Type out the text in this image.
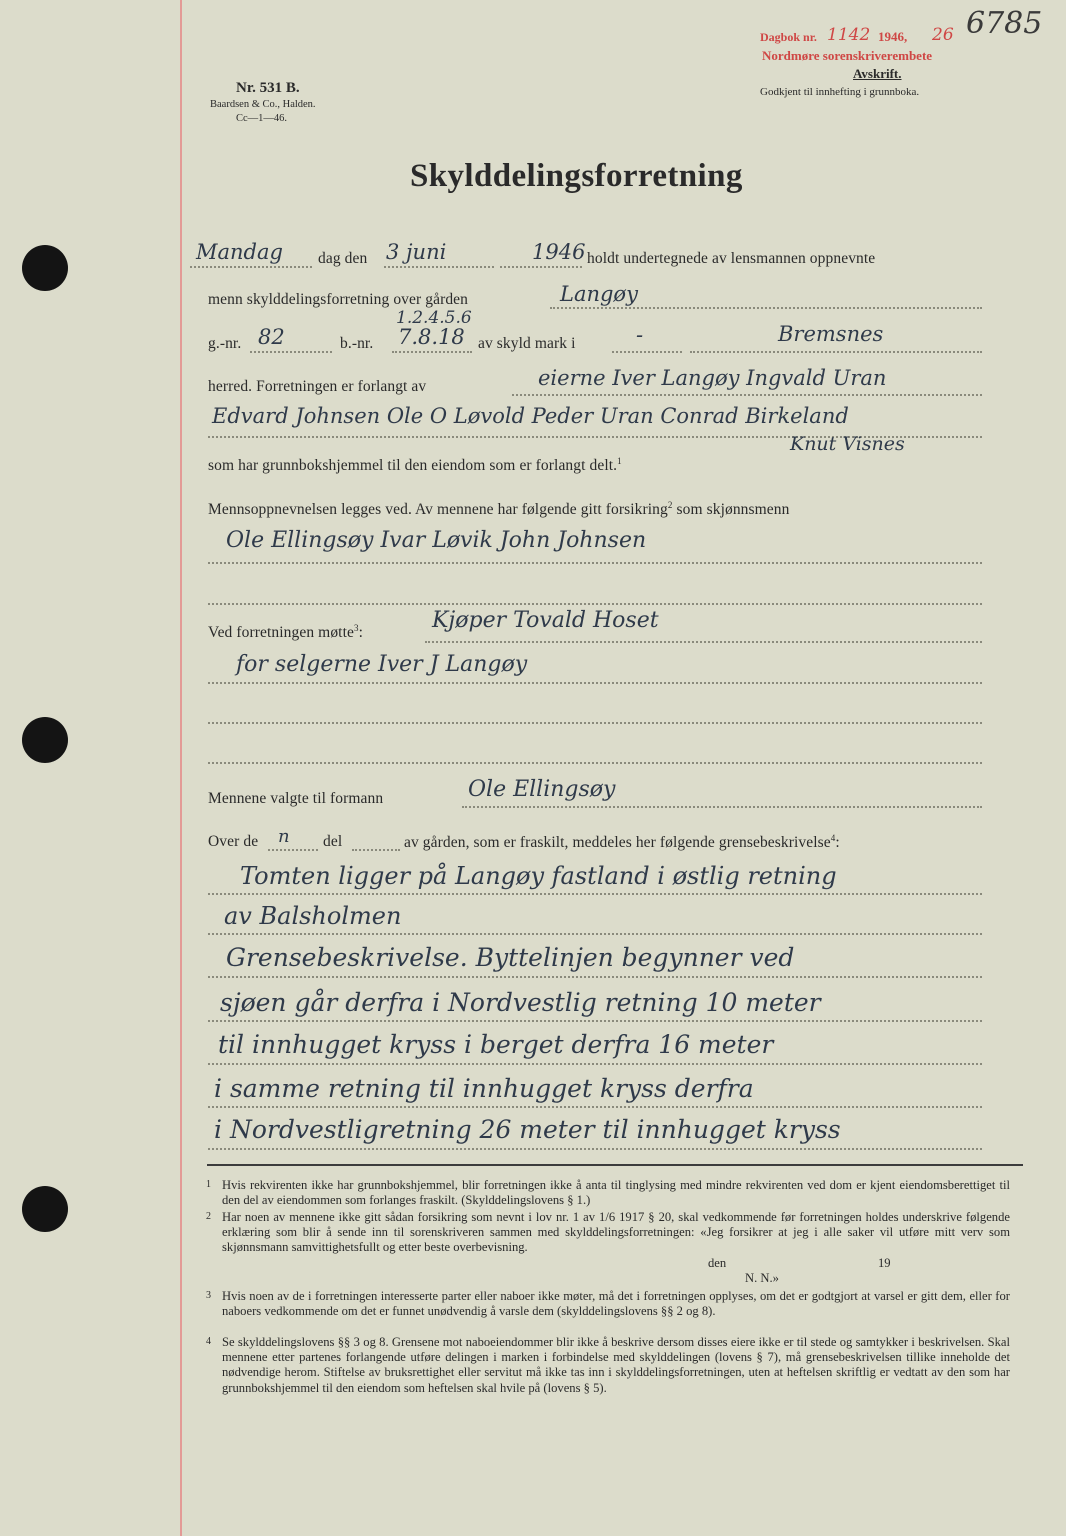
Nr. 531 B.
Baardsen & Co., Halden.
Cc—1—46.
Dagbok nr. 1142 1946, 26
Nordmøre sorenskriverembete
6785
Avskrift.
Godkjent til innhefting i grunnboka.
Skylddelingsforretning
Mandag dag den 3 juni	1946 holdt undertegnede av lensmannen oppnevnte
menn skylddelingsforretning over gården	Langøy
g.-nr. 82	b.-nr.
1.2.4.5.6
7.8.18 av skyld mark i	-	Bremsnes
herred. Forretningen er forlangt av	eierne Iver Langøy Ingvald Uran
Edvard Johnsen Ole O Løvold Peder Uran Conrad Birkeland
Knut Visnes
som har grunnbokshjemmel til den eiendom som er forlangt delt.$^1$
Mennsoppnevnelsen legges ved. Av mennene har følgende gitt forsikring$^2$ som skjønnsmenn
Ole Ellingsøy Ivar Løvik John Johnsen
Ved forretningen møtte$^3$:	Kjøper Tovald Hoset
for selgerne Iver J Langøy
Mennene valgte til formann	Ole Ellingsøy
Over de n del	av gården, som er fraskilt, meddeles her følgende grensebeskrivelse$^4$:
Tomten ligger på Langøy fastland i østlig retning
av Balsholmen
Grensebeskrivelse. Byttelinjen begynner ved
sjøen går derfra i Nordvestlig retning 10 meter
til innhugget kryss i berget derfra 16 meter
i samme retning til innhugget kryss derfra
i Nordvestligretning 26 meter til innhugget kryss
1 Hvis rekvirenten ikke har grunnbokshjemmel, blir forretningen ikke å anta til tinglysing med mindre rekvirenten ved dom er kjent eiendomsberettiget til den del av eiendommen som forlanges fraskilt. (Skylddelingslovens § 1.)
2 Har noen av mennene ikke gitt sådan forsikring som nevnt i lov nr. 1 av 1/6 1917 § 20, skal vedkommende før forretningen holdes underskrive følgende erklæring som blir å sende inn til sorenskriveren sammen med skylddelingsforretningen: «Jeg forsikrer at jeg i alle saker vil utføre mitt verv som skjønnsmann samvittighetsfullt og etter beste overbevisning.
den	19
N. N.»
3 Hvis noen av de i forretningen interesserte parter eller naboer ikke møter, må det i forretningen opplyses, om det er godtgjort at varsel er gitt dem, eller for naboers vedkommende om det er funnet unødvendig å varsle dem (skylddelingslovens §§ 2 og 8).
4 Se skylddelingslovens §§ 3 og 8. Grensene mot naboeiendommer blir ikke å beskrive dersom disses eiere ikke er til stede og samtykker i beskrivelsen. Skal mennene etter partenes forlangende utføre delingen i marken i forbindelse med skylddelingen (lovens § 7), må grensebeskrivelsen tillike inneholde det nødvendige herom. Stiftelse av bruksrettighet eller servitut må ikke tas inn i skylddelingsforretningen, uten at heftelsen skriftlig er vedtatt av den som har grunnbokshjemmel til den eiendom som heftelsen skal hvile på (lovens § 5).
